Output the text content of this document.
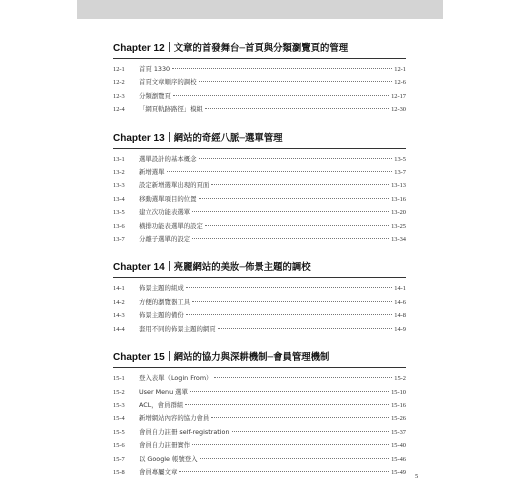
Chapter 12 文章的首發舞台─首頁與分類瀏覽頁的管理
12-1	首頁 1330	12-1
12-2	首頁文章順序的調校	12-6
12-3	分類瀏覽頁	12-17
12-4	「網頁軌跡路徑」模組	12-30
Chapter 13 網站的奇經八脈─選單管理
13-1	選單設計的基本概念	13-5
13-2	新增選單	13-7
13-3	設定新增選單出現的頁面	13-13
13-4	移動選單項目的位置	13-16
13-5	建立次功能表選單	13-20
13-6	橫排功能表選單的設定	13-25
13-7	分離子選單的設定	13-34
Chapter 14 亮麗網站的美妝─佈景主題的調校
14-1	佈景主題的組成	14-1
14-2	方便的瀏覽器工具	14-6
14-3	佈景主題的備份	14-8
14-4	套用不同的佈景主題的網頁	14-9
Chapter 15 網站的協力與深耕機制─會員管理機制
15-1	登入表單（Login From）	15-2
15-2	User Menu 選單	15-10
15-3	ACL，會員群組	15-16
15-4	新增網站內容的協力會員	15-26
15-5	會員自力註冊 self-registration	15-37
15-6	會員自力註冊實作	15-40
15-7	以 Google 帳號登入	15-46
15-8	會員專屬文章	15-49
5
